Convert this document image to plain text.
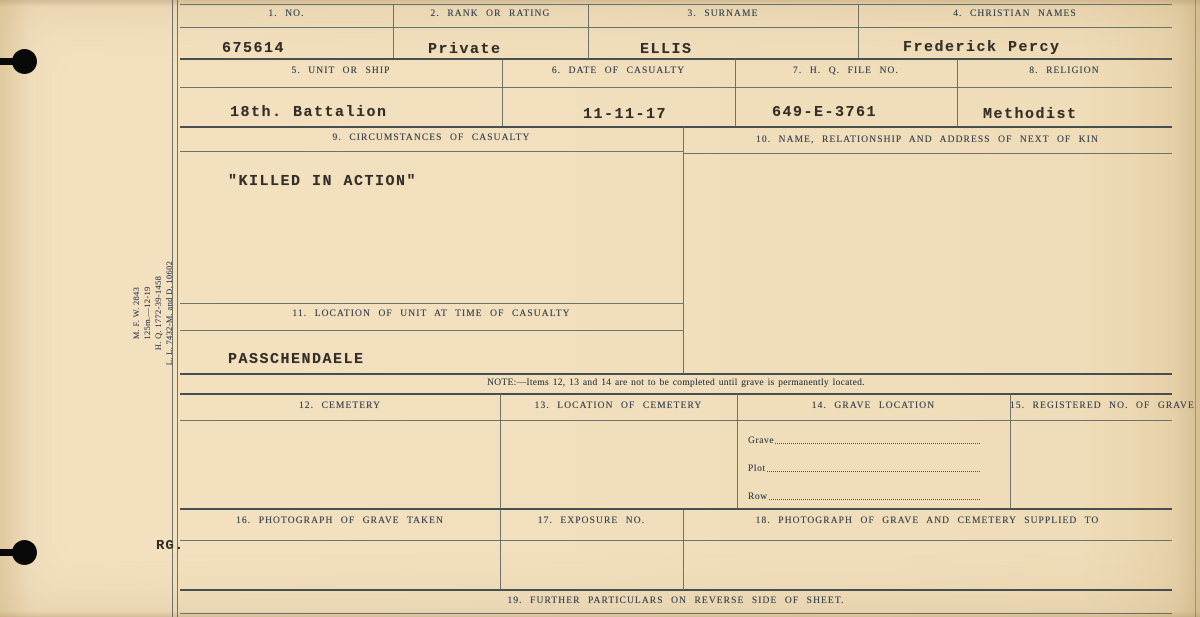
1. NO.	2. RANK OR RATING	3. SURNAME	4. CHRISTIAN NAMES
675614	Private	ELLIS	Frederick Percy
5. UNIT OR SHIP	6. DATE OF CASUALTY	7. H. Q. FILE NO.	8. RELIGION
18th. Battalion	11-11-17	649-E-3761	Methodist
9. CIRCUMSTANCES OF CASUALTY	10. NAME, RELATIONSHIP AND ADDRESS OF NEXT OF KIN
"KILLED IN ACTION"
11. LOCATION OF UNIT AT TIME OF CASUALTY
PASSCHENDAELE
NOTE:—Items 12, 13 and 14 are not to be completed until grave is permanently located.
12. CEMETERY	13. LOCATION OF CEMETERY	14. GRAVE LOCATION	15. REGISTERED NO. OF GRAVE
Grave
Plot
Row
16. PHOTOGRAPH OF GRAVE TAKEN	17. EXPOSURE NO.	18. PHOTOGRAPH OF GRAVE AND CEMETERY SUPPLIED TO
19. FURTHER PARTICULARS ON REVERSE SIDE OF SHEET.
M. F. W. 2843 125m.—12-19 H. Q. 1772-39-1458 L. L. 7432-M. and D. 10602
RG.
